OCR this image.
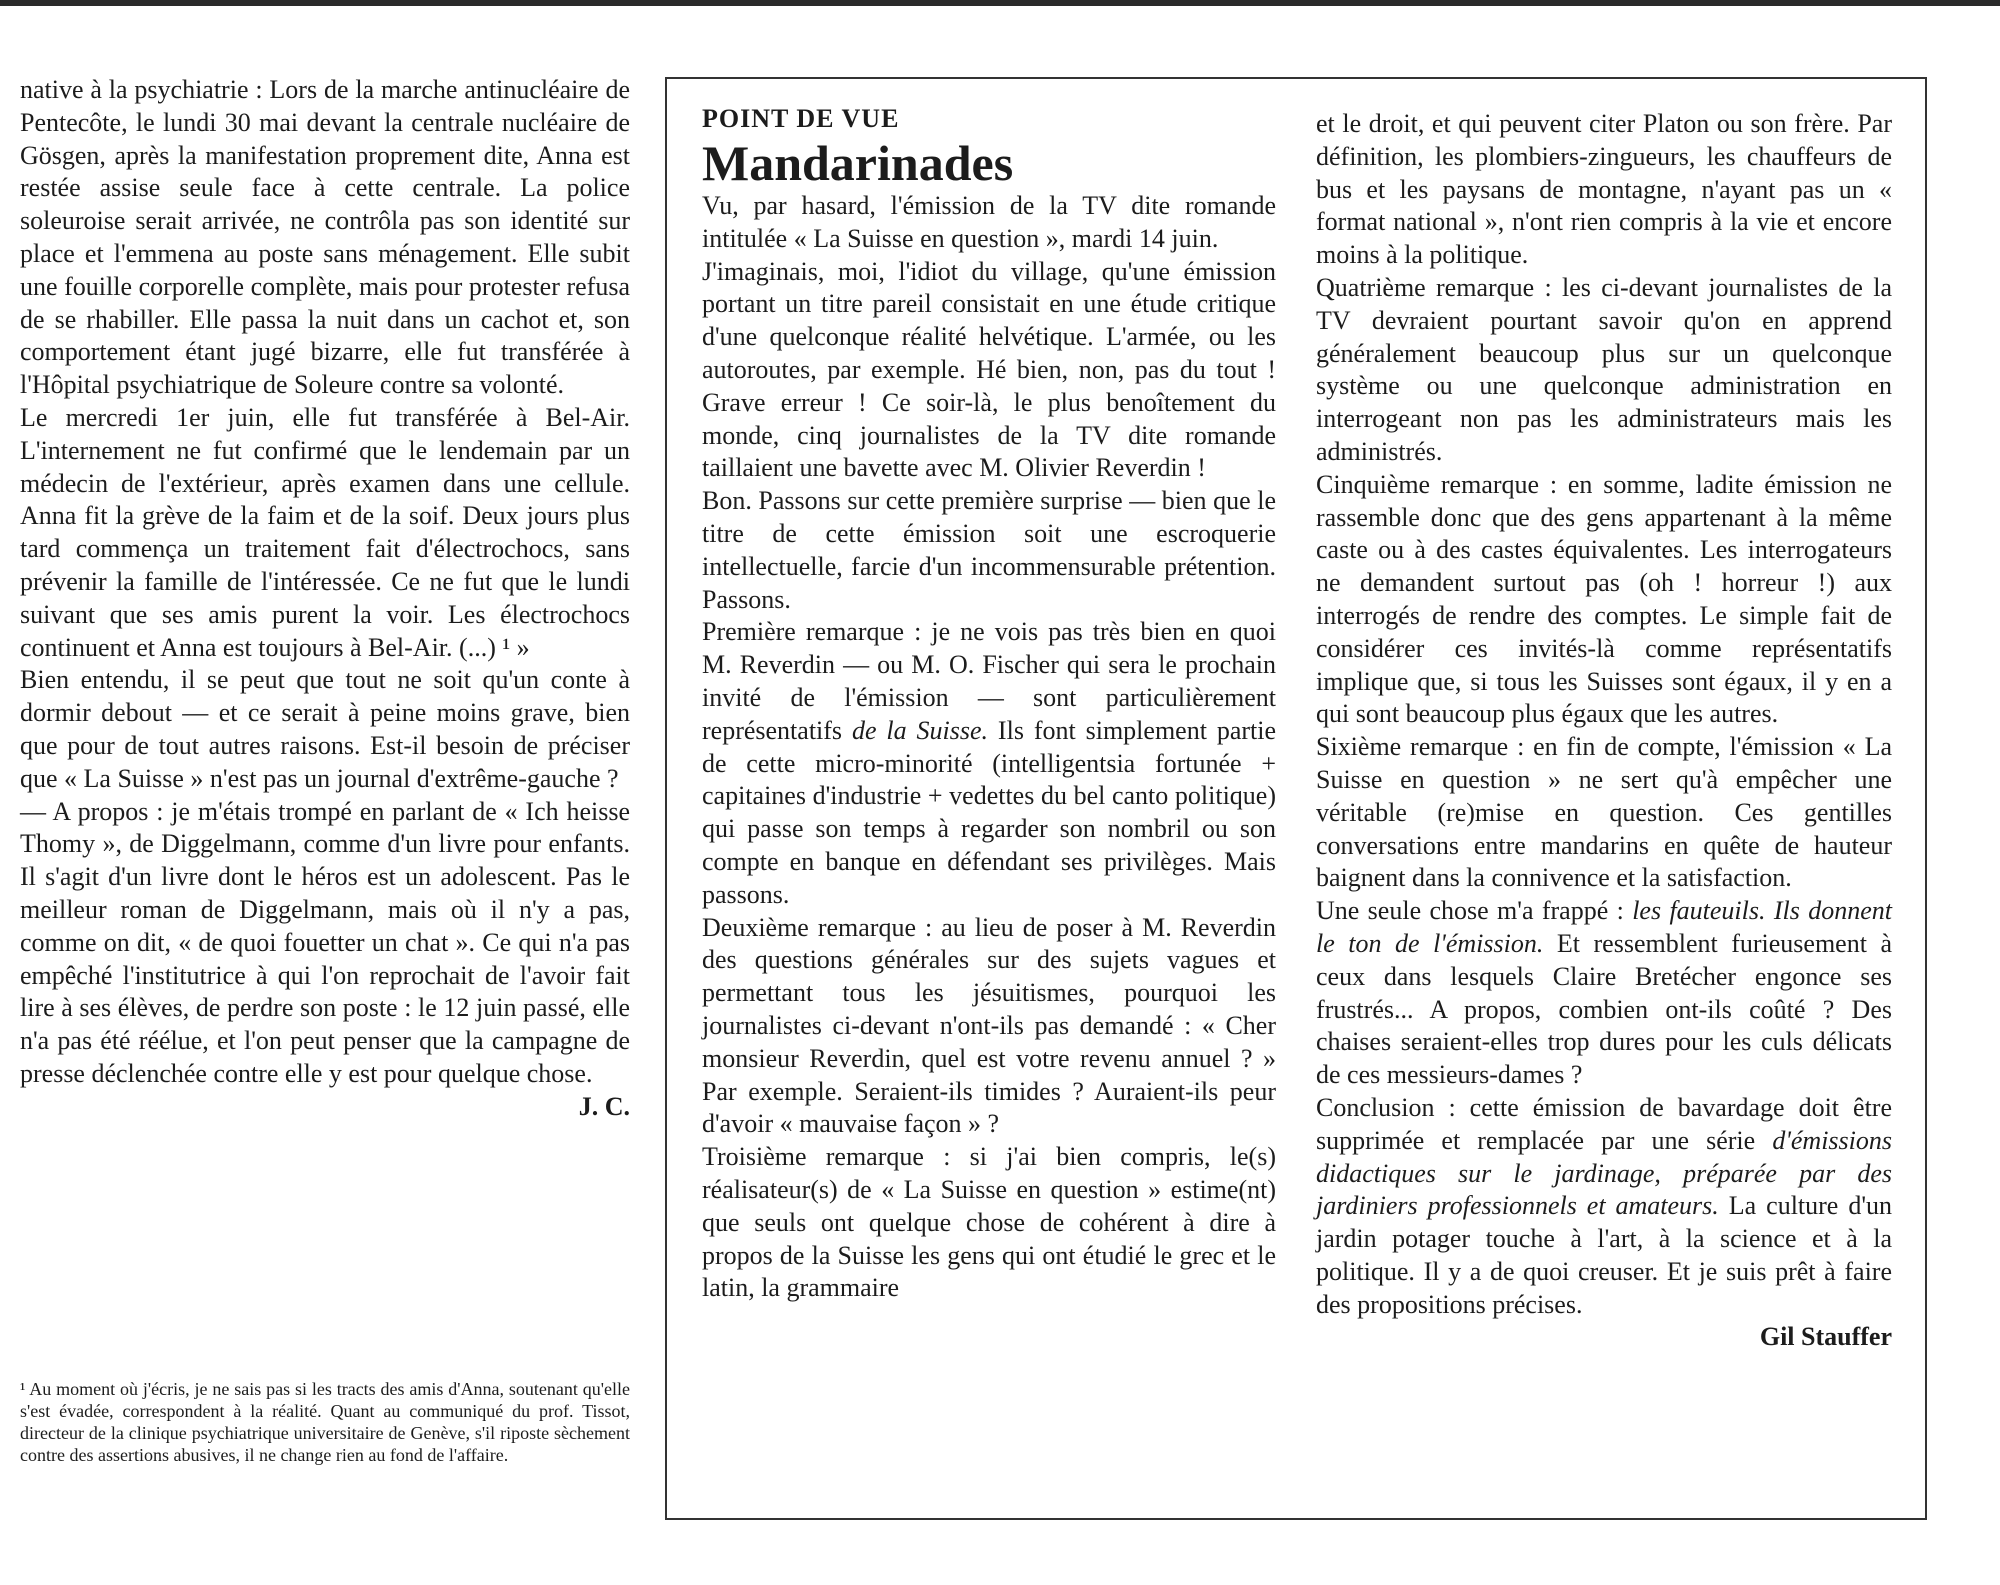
native à la psychiatrie : Lors de la marche antinucléaire de Pentecôte, le lundi 30 mai devant la centrale nucléaire de Gösgen, après la manifestation proprement dite, Anna est restée assise seule face à cette centrale. La police soleuroise serait arrivée, ne contrôla pas son identité sur place et l'emmena au poste sans ménagement. Elle subit une fouille corporelle complète, mais pour protester refusa de se rhabiller. Elle passa la nuit dans un cachot et, son comportement étant jugé bizarre, elle fut transférée à l'Hôpital psychiatrique de Soleure contre sa volonté.

Le mercredi 1er juin, elle fut transférée à Bel-Air. L'internement ne fut confirmé que le lendemain par un médecin de l'extérieur, après examen dans une cellule. Anna fit la grève de la faim et de la soif. Deux jours plus tard commença un traitement fait d'électrochocs, sans prévenir la famille de l'intéressée. Ce ne fut que le lundi suivant que ses amis purent la voir. Les électrochocs continuent et Anna est toujours à Bel-Air. (...) ¹ »

Bien entendu, il se peut que tout ne soit qu'un conte à dormir debout — et ce serait à peine moins grave, bien que pour de tout autres raisons. Est-il besoin de préciser que « La Suisse » n'est pas un journal d'extrême-gauche ?

— A propos : je m'étais trompé en parlant de « Ich heisse Thomy », de Diggelmann, comme d'un livre pour enfants. Il s'agit d'un livre dont le héros est un adolescent. Pas le meilleur roman de Diggelmann, mais où il n'y a pas, comme on dit, « de quoi fouetter un chat ». Ce qui n'a pas empêché l'institutrice à qui l'on reprochait de l'avoir fait lire à ses élèves, de perdre son poste : le 12 juin passé, elle n'a pas été réélue, et l'on peut penser que la campagne de presse déclenchée contre elle y est pour quelque chose.

J. C.

¹ Au moment où j'écris, je ne sais pas si les tracts des amis d'Anna, soutenant qu'elle s'est évadée, correspondent à la réalité. Quant au communiqué du prof. Tissot, directeur de la clinique psychiatrique universitaire de Genève, s'il riposte sèchement contre des assertions abusives, il ne change rien au fond de l'affaire.

POINT DE VUE

Mandarinades

Vu, par hasard, l'émission de la TV dite romande intitulée « La Suisse en question », mardi 14 juin.

J'imaginais, moi, l'idiot du village, qu'une émission portant un titre pareil consistait en une étude critique d'une quelconque réalité helvétique. L'armée, ou les autoroutes, par exemple. Hé bien, non, pas du tout ! Grave erreur ! Ce soir-là, le plus benoîtement du monde, cinq journalistes de la TV dite romande taillaient une bavette avec M. Olivier Reverdin !

Bon. Passons sur cette première surprise — bien que le titre de cette émission soit une escroquerie intellectuelle, farcie d'un incommensurable prétention. Passons.

Première remarque : je ne vois pas très bien en quoi M. Reverdin — ou M. O. Fischer qui sera le prochain invité de l'émission — sont particulièrement représentatifs de la Suisse. Ils font simplement partie de cette micro-minorité (intelligentsia fortunée + capitaines d'industrie + vedettes du bel canto politique) qui passe son temps à regarder son nombril ou son compte en banque en défendant ses privilèges. Mais passons.

Deuxième remarque : au lieu de poser à M. Reverdin des questions générales sur des sujets vagues et permettant tous les jésuitismes, pourquoi les journalistes ci-devant n'ont-ils pas demandé : « Cher monsieur Reverdin, quel est votre revenu annuel ? » Par exemple. Seraient-ils timides ? Auraient-ils peur d'avoir « mauvaise façon » ?

Troisième remarque : si j'ai bien compris, le(s) réalisateur(s) de « La Suisse en question » estime(nt) que seuls ont quelque chose de cohérent à dire à propos de la Suisse les gens qui ont étudié le grec et le latin, la grammaire

et le droit, et qui peuvent citer Platon ou son frère. Par définition, les plombiers-zingueurs, les chauffeurs de bus et les paysans de montagne, n'ayant pas un « format national », n'ont rien compris à la vie et encore moins à la politique.

Quatrième remarque : les ci-devant journalistes de la TV devraient pourtant savoir qu'on en apprend généralement beaucoup plus sur un quelconque système ou une quelconque administration en interrogeant non pas les administrateurs mais les administrés.

Cinquième remarque : en somme, ladite émission ne rassemble donc que des gens appartenant à la même caste ou à des castes équivalentes. Les interrogateurs ne demandent surtout pas (oh ! horreur !) aux interrogés de rendre des comptes. Le simple fait de considérer ces invités-là comme représentatifs implique que, si tous les Suisses sont égaux, il y en a qui sont beaucoup plus égaux que les autres.

Sixième remarque : en fin de compte, l'émission « La Suisse en question » ne sert qu'à empêcher une véritable (re)mise en question. Ces gentilles conversations entre mandarins en quête de hauteur baignent dans la connivence et la satisfaction.

Une seule chose m'a frappé : les fauteuils. Ils donnent le ton de l'émission. Et ressemblent furieusement à ceux dans lesquels Claire Bretécher engonce ses frustrés... A propos, combien ont-ils coûté ? Des chaises seraient-elles trop dures pour les culs délicats de ces messieurs-dames ?

Conclusion : cette émission de bavardage doit être supprimée et remplacée par une série d'émissions didactiques sur le jardinage, préparée par des jardiniers professionnels et amateurs. La culture d'un jardin potager touche à l'art, à la science et à la politique. Il y a de quoi creuser. Et je suis prêt à faire des propositions précises.

Gil Stauffer
